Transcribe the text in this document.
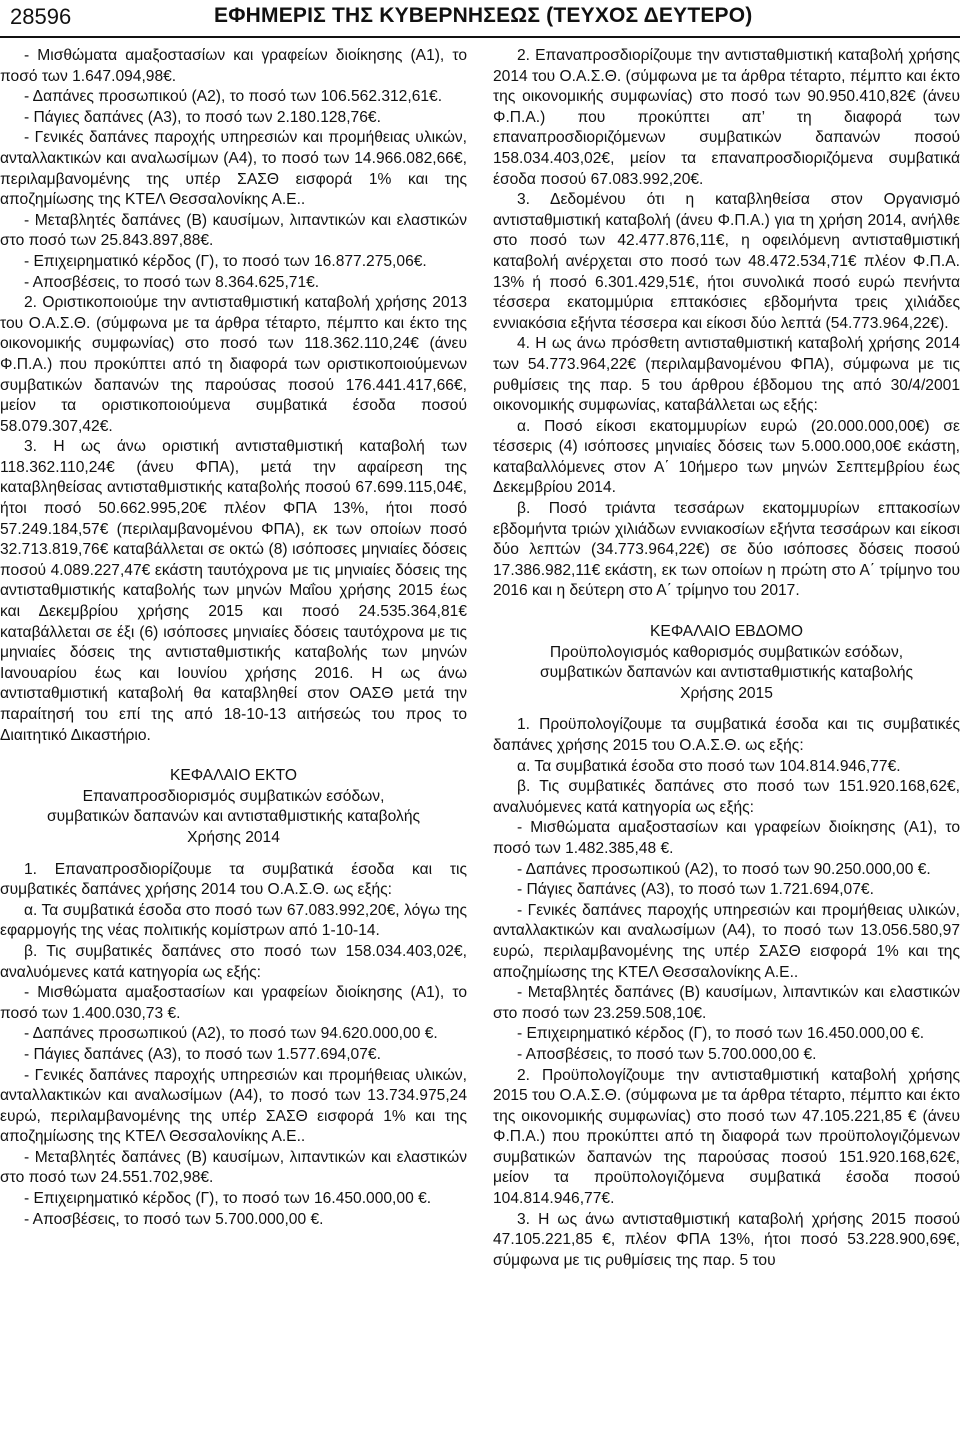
28596	ΕΦΗΜΕΡΙΣ ΤΗΣ ΚΥΒΕΡΝΗΣΕΩΣ (ΤΕΥΧΟΣ ΔΕΥΤΕΡΟ)

- Μισθώματα αμαξοστασίων και γραφείων διοίκησης (Α1), το ποσό των 1.647.094,98€.

- Δαπάνες προσωπικού (Α2), το ποσό των 106.562.312,61€.

- Πάγιες δαπάνες (Α3), το ποσό των 2.180.128,76€.

- Γενικές δαπάνες παροχής υπηρεσιών και προμήθειας υλικών, ανταλλακτικών και αναλωσίμων (Α4), το ποσό των 14.966.082,66€, περιλαμβανομένης της υπέρ ΣΑΣΘ εισφορά 1% και της αποζημίωσης της ΚΤΕΛ Θεσσαλονίκης Α.Ε..

- Μεταβλητές δαπάνες (Β) καυσίμων, λιπαντικών και ελαστικών στο ποσό των 25.843.897,88€.

- Επιχειρηματικό κέρδος (Γ), το ποσό των 16.877.275,06€.

- Αποσβέσεις, το ποσό των 8.364.625,71€.

2. Οριστικοποιούμε την αντισταθμιστική καταβολή χρήσης 2013 του Ο.Α.Σ.Θ. (σύμφωνα με τα άρθρα τέταρτο, πέμπτο και έκτο της οικονομικής συμφωνίας) στο ποσό των 118.362.110,24€ (άνευ Φ.Π.Α.) που προκύπτει από τη διαφορά των οριστικοποιούμενων συμβατικών δαπανών της παρούσας ποσού 176.441.417,66€, μείον τα οριστικοποιούμενα συμβατικά έσοδα ποσού 58.079.307,42€.

3. Η ως άνω οριστική αντισταθμιστική καταβολή των 118.362.110,24€ (άνευ ΦΠΑ), μετά την αφαίρεση της καταβληθείσας αντισταθμιστικής καταβολής ποσού 67.699.115,04€, ήτοι ποσό 50.662.995,20€ πλέον ΦΠΑ 13%, ήτοι ποσό 57.249.184,57€ (περιλαμβανομένου ΦΠΑ), εκ των οποίων ποσό 32.713.819,76€ καταβάλλεται σε οκτώ (8) ισόποσες μηνιαίες δόσεις ποσού 4.089.227,47€ εκάστη ταυτόχρονα με τις μηνιαίες δόσεις της αντισταθμιστικής καταβολής των μηνών Μαΐου χρήσης 2015 έως και Δεκεμβρίου χρήσης 2015 και ποσό 24.535.364,81€ καταβάλλεται σε έξι (6) ισόποσες μηνιαίες δόσεις ταυτόχρονα με τις μηνιαίες δόσεις της αντισταθμιστικής καταβολής των μηνών Ιανουαρίου έως και Ιουνίου χρήσης 2016. Η ως άνω αντισταθμιστική καταβολή θα καταβληθεί στον ΟΑΣΘ μετά την παραίτησή του επί της από 18-10-13 αιτήσεώς του προς το Διαιτητικό Δικαστήριο.

ΚΕΦΑΛΑΙΟ ΕΚΤΟ

Επαναπροσδιορισμός συμβατικών εσόδων,

συμβατικών δαπανών και αντισταθμιστικής καταβολής

Χρήσης 2014

1. Επαναπροσδιορίζουμε τα συμβατικά έσοδα και τις συμβατικές δαπάνες χρήσης 2014 του Ο.Α.Σ.Θ. ως εξής:

α. Τα συμβατικά έσοδα στο ποσό των 67.083.992,20€, λόγω της εφαρμογής της νέας πολιτικής κομίστρων από 1-10-14.

β. Τις συμβατικές δαπάνες στο ποσό των 158.034.403,02€, αναλυόμενες κατά κατηγορία ως εξής:

- Μισθώματα αμαξοστασίων και γραφείων διοίκησης (Α1), το ποσό των 1.400.030,73 €.

- Δαπάνες προσωπικού (Α2), το ποσό των 94.620.000,00 €.

- Πάγιες δαπάνες (Α3), το ποσό των 1.577.694,07€.

- Γενικές δαπάνες παροχής υπηρεσιών και προμήθειας υλικών, ανταλλακτικών και αναλωσίμων (Α4), το ποσό των 13.734.975,24 ευρώ, περιλαμβανομένης της υπέρ ΣΑΣΘ εισφορά 1% και της αποζημίωσης της ΚΤΕΛ Θεσσαλονίκης Α.Ε..

- Μεταβλητές δαπάνες (Β) καυσίμων, λιπαντικών και ελαστικών στο ποσό των 24.551.702,98€.

- Επιχειρηματικό κέρδος (Γ), το ποσό των 16.450.000,00 €.

- Αποσβέσεις, το ποσό των 5.700.000,00 €.

2. Επαναπροσδιορίζουμε την αντισταθμιστική καταβολή χρήσης 2014 του Ο.Α.Σ.Θ. (σύμφωνα με τα άρθρα τέταρτο, πέμπτο και έκτο της οικονομικής συμφωνίας) στο ποσό των 90.950.410,82€ (άνευ Φ.Π.Α.) που προκύπτει απ’ τη διαφορά των επαναπροσδιοριζόμενων συμβατικών δαπανών ποσού 158.034.403,02€, μείον τα επαναπροσδιοριζόμενα συμβατικά έσοδα ποσού 67.083.992,20€.

3. Δεδομένου ότι η καταβληθείσα στον Οργανισμό αντισταθμιστική καταβολή (άνευ Φ.Π.Α.) για τη χρήση 2014, ανήλθε στο ποσό των 42.477.876,11€, η οφειλόμενη αντισταθμιστική καταβολή ανέρχεται στο ποσό των 48.472.534,71€ πλέον Φ.Π.Α. 13% ή ποσό 6.301.429,51€, ήτοι συνολικά ποσό ευρώ πενήντα τέσσερα εκατομμύρια επτακόσιες εβδομήντα τρεις χιλιάδες εννιακόσια εξήντα τέσσερα και είκοσι δύο λεπτά (54.773.964,22€).

4. Η ως άνω πρόσθετη αντισταθμιστική καταβολή χρήσης 2014 των 54.773.964,22€ (περιλαμβανομένου ΦΠΑ), σύμφωνα με τις ρυθμίσεις της παρ. 5 του άρθρου έβδομου της από 30/4/2001 οικονομικής συμφωνίας, καταβάλλεται ως εξής:

α. Ποσό είκοσι εκατομμυρίων ευρώ (20.000.000,00€) σε τέσσερις (4) ισόποσες μηνιαίες δόσεις των 5.000.000,00€ εκάστη, καταβαλλόμενες στον Α΄ 10ήμερο των μηνών Σεπτεμβρίου έως Δεκεμβρίου 2014.

β. Ποσό τριάντα τεσσάρων εκατομμυρίων επτακοσίων εβδομήντα τριών χιλιάδων εννιακοσίων εξήντα τεσσάρων και είκοσι δύο λεπτών (34.773.964,22€) σε δύο ισόποσες δόσεις ποσού 17.386.982,11€ εκάστη, εκ των οποίων η πρώτη στο Α΄ τρίμηνο του 2016 και η δεύτερη στο Α΄ τρίμηνο του 2017.

ΚΕΦΑΛΑΙΟ ΕΒΔΟΜΟ

Προϋπολογισμός καθορισμός συμβατικών εσόδων,

συμβατικών δαπανών και αντισταθμιστικής καταβολής

Χρήσης 2015

1. Προϋπολογίζουμε τα συμβατικά έσοδα και τις συμβατικές δαπάνες χρήσης 2015 του Ο.Α.Σ.Θ. ως εξής:

α. Τα συμβατικά έσοδα στο ποσό των 104.814.946,77€.

β. Τις συμβατικές δαπάνες στο ποσό των 151.920.168,62€, αναλυόμενες κατά κατηγορία ως εξής:

- Μισθώματα αμαξοστασίων και γραφείων διοίκησης (Α1), το ποσό των 1.482.385,48 €.

- Δαπάνες προσωπικού (Α2), το ποσό των 90.250.000,00 €.

- Πάγιες δαπάνες (Α3), το ποσό των 1.721.694,07€.

- Γενικές δαπάνες παροχής υπηρεσιών και προμήθειας υλικών, ανταλλακτικών και αναλωσίμων (Α4), το ποσό των 13.056.580,97 ευρώ, περιλαμβανομένης της υπέρ ΣΑΣΘ εισφορά 1% και της αποζημίωσης της ΚΤΕΛ Θεσσαλονίκης Α.Ε..

- Μεταβλητές δαπάνες (Β) καυσίμων, λιπαντικών και ελαστικών στο ποσό των 23.259.508,10€.

- Επιχειρηματικό κέρδος (Γ), το ποσό των 16.450.000,00 €.

- Αποσβέσεις, το ποσό των 5.700.000,00 €.

2. Προϋπολογίζουμε την αντισταθμιστική καταβολή χρήσης 2015 του Ο.Α.Σ.Θ. (σύμφωνα με τα άρθρα τέταρτο, πέμπτο και έκτο της οικονομικής συμφωνίας) στο ποσό των 47.105.221,85 € (άνευ Φ.Π.Α.) που προκύπτει από τη διαφορά των προϋπολογιζόμενων συμβατικών δαπανών της παρούσας ποσού 151.920.168,62€, μείον τα προϋπολογιζόμενα συμβατικά έσοδα ποσού 104.814.946,77€.

3. Η ως άνω αντισταθμιστική καταβολή χρήσης 2015 ποσού 47.105.221,85 €, πλέον ΦΠΑ 13%, ήτοι ποσό 53.228.900,69€, σύμφωνα με τις ρυθμίσεις της παρ. 5 του
